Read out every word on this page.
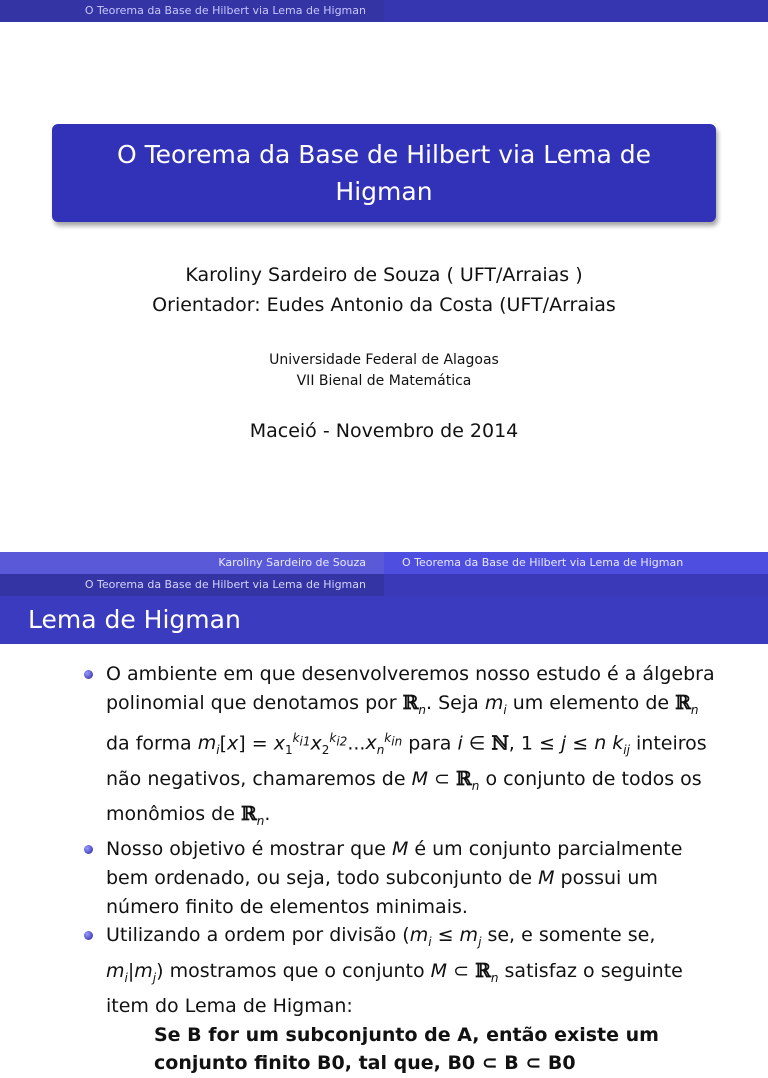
O Teorema da Base de Hilbert via Lema de Higman
O Teorema da Base de Hilbert via Lema de Higman
Karoliny Sardeiro de Souza ( UFT/Arraias )
Orientador: Eudes Antonio da Costa (UFT/Arraias
Universidade Federal de Alagoas
VII Bienal de Matemática
Maceió - Novembro de 2014
Karoliny Sardeiro de Souza
O Teorema da Base de Hilbert via Lema de Higman
O Teorema da Base de Hilbert via Lema de Higman
Lema de Higman
O ambiente em que desenvolveremos nosso estudo é a álgebra polinomial que denotamos por ℝ$_n$. Seja $m_i$ um elemento de ℝ$_n$ da forma $m_i[x] = x_1^{k_{i1}}x_2^{k_{i2}}...x_n^{k_{in}}$ para i ∈ ℕ, 1 ≤ j ≤ n $k_{ij}$ inteiros não negativos, chamaremos de M ⊂ ℝ$_n$ o conjunto de todos os monômios de ℝ$_n$.
Nosso objetivo é mostrar que M é um conjunto parcialmente bem ordenado, ou seja, todo subconjunto de M possui um número finito de elementos minimais.
Utilizando a ordem por divisão ($m_i \le m_j$ se, e somente se, $m_i|m_j$) mostramos que o conjunto M ⊂ ℝ$_n$ satisfaz o seguinte item do Lema de Higman:
Se B for um subconjunto de A, então existe um
conjunto finito B0, tal que, B0 ⊂ B ⊂ B0
